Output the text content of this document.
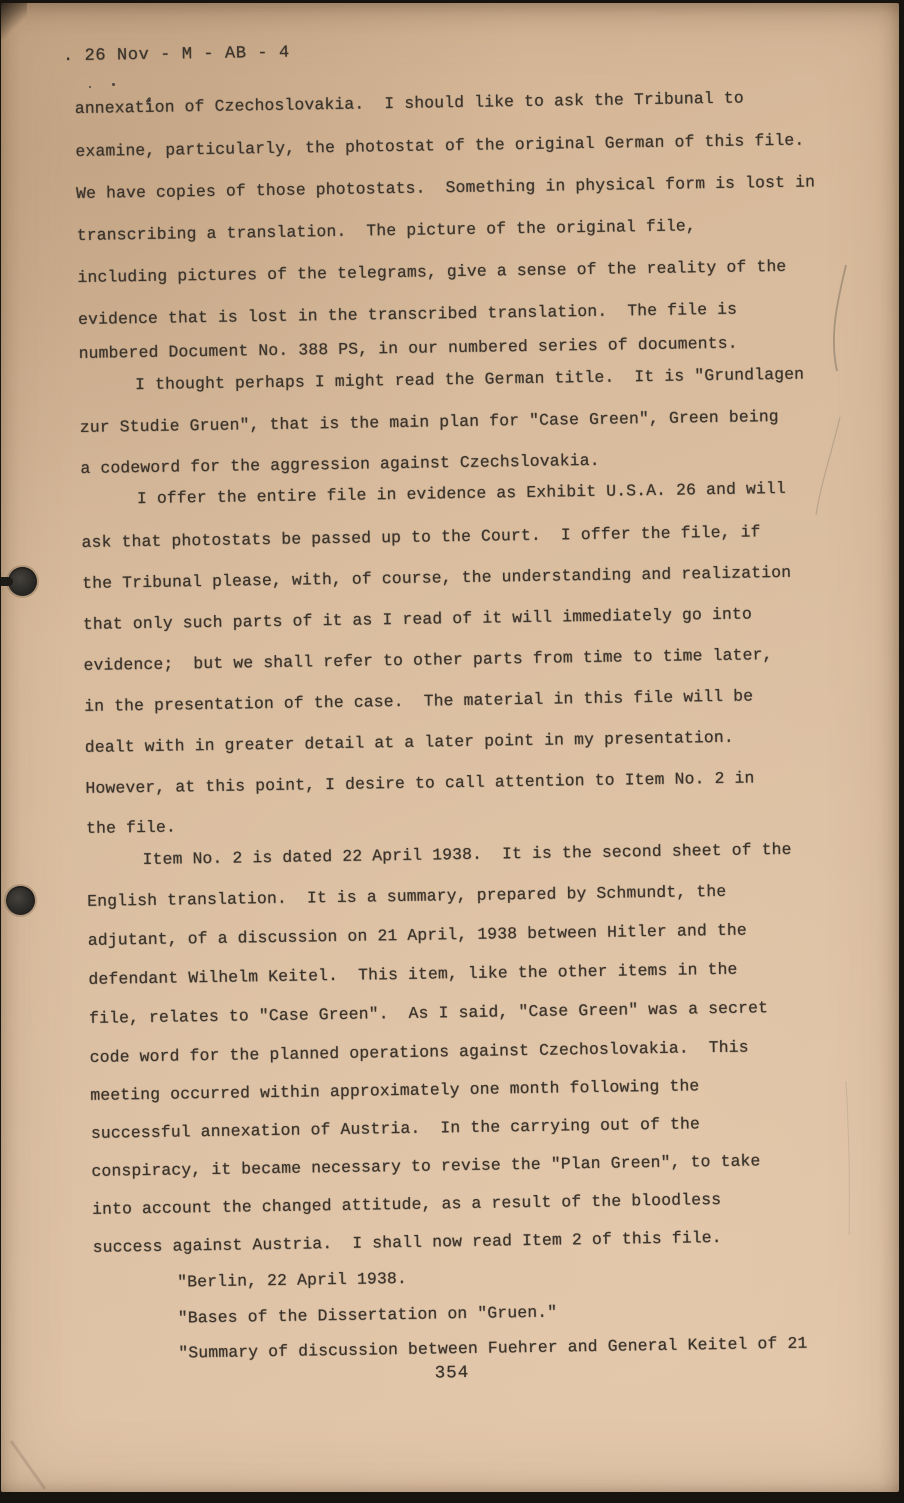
. 26 Nov - M - AB - 4
annexation of Czechoslovakia.  I should like to ask the Tribunal to
examine, particularly, the photostat of the original German of this file.
We have copies of those photostats.  Something in physical form is lost in
transcribing a translation.  The picture of the original file,
including pictures of the telegrams, give a sense of the reality of the
evidence that is lost in the transcribed translation.  The file is
numbered Document No. 388 PS, in our numbered series of documents.
I thought perhaps I might read the German title.  It is "Grundlagen
zur Studie Gruen", that is the main plan for "Case Green", Green being
a codeword for the aggression against Czechslovakia.
I offer the entire file in evidence as Exhibit U.S.A. 26 and will
ask that photostats be passed up to the Court.  I offer the file, if
the Tribunal please, with, of course, the understanding and realization
that only such parts of it as I read of it will immediately go into
evidence;  but we shall refer to other parts from time to time later,
in the presentation of the case.  The material in this file will be
dealt with in greater detail at a later point in my presentation.
However, at this point, I desire to call attention to Item No. 2 in
the file.
Item No. 2 is dated 22 April 1938.  It is the second sheet of the
English translation.  It is a summary, prepared by Schmundt, the
adjutant, of a discussion on 21 April, 1938 between Hitler and the
defendant Wilhelm Keitel.  This item, like the other items in the
file, relates to "Case Green".  As I said, "Case Green" was a secret
code word for the planned operations against Czechoslovakia.  This
meeting occurred within approximately one month following the
successful annexation of Austria.  In the carrying out of the
conspiracy, it became necessary to revise the "Plan Green", to take
into account the changed attitude, as a result of the bloodless
success against Austria.  I shall now read Item 2 of this file.
"Berlin, 22 April 1938.
"Bases of the Dissertation on "Gruen."
"Summary of discussion between Fuehrer and General Keitel of 21
354
